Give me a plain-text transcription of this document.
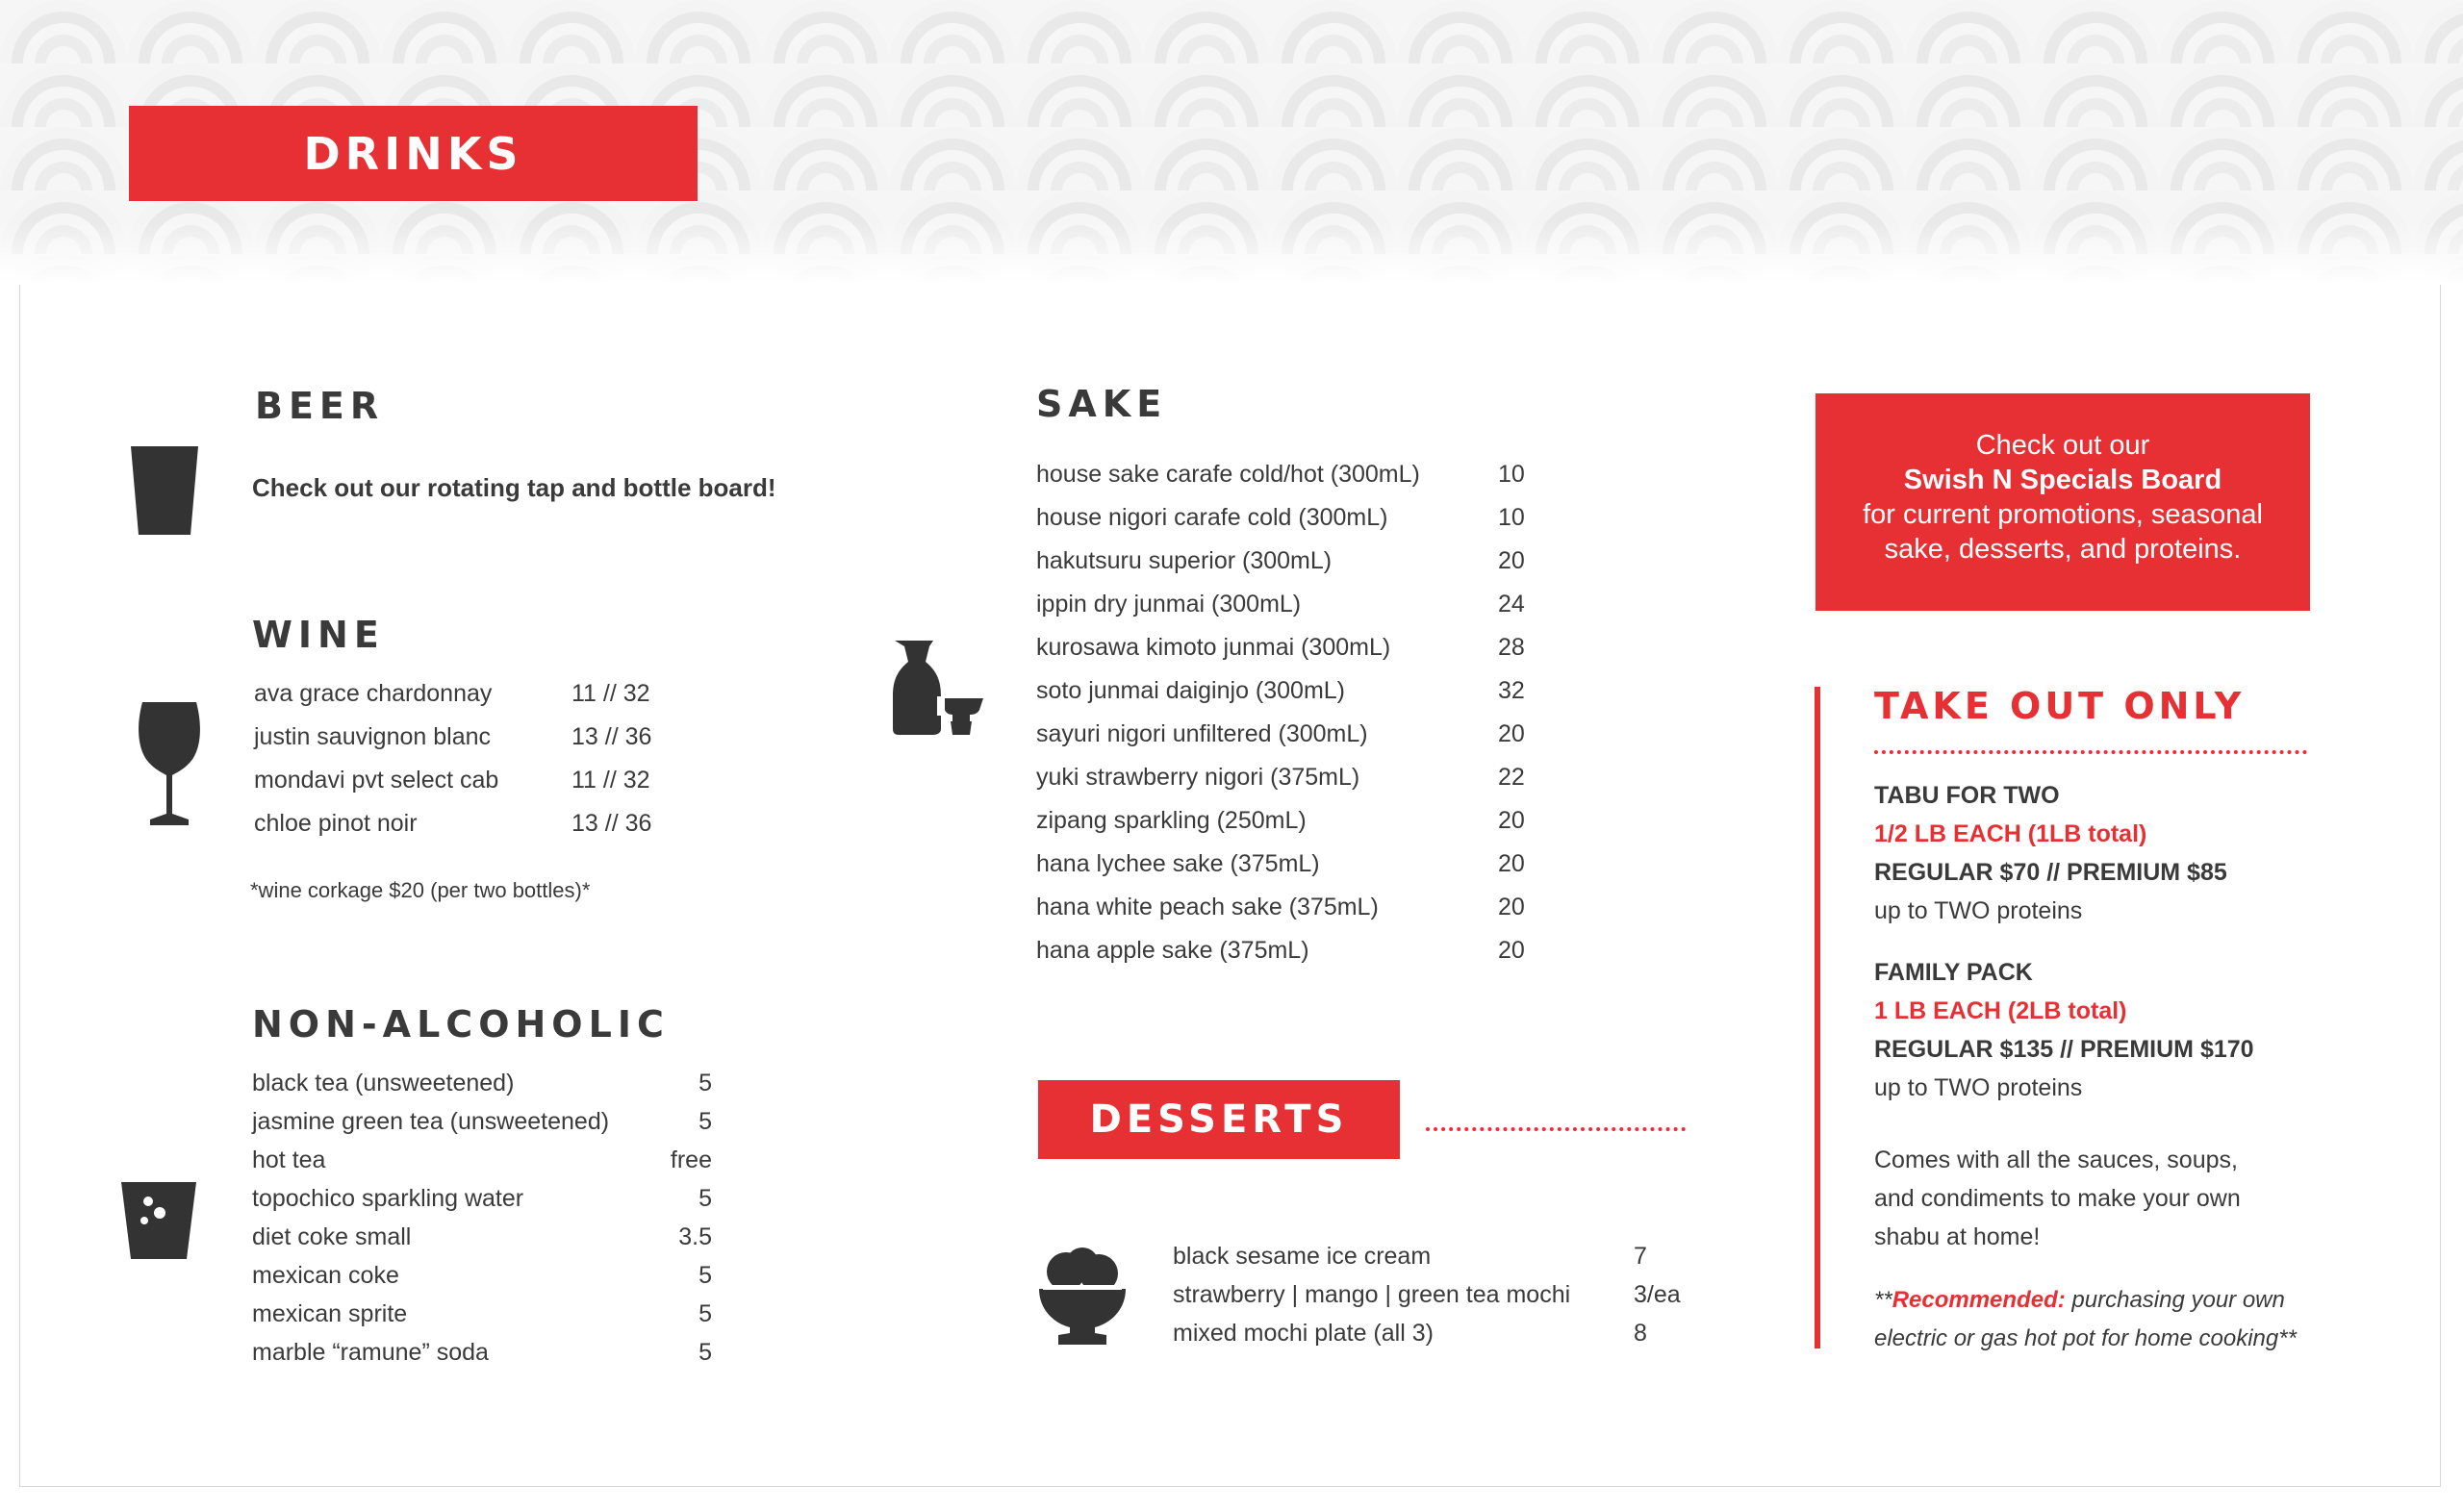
DRINKS
BEER
Check out our rotating tap and bottle board!
WINE
ava grace chardonnay	11 // 32
justin sauvignon blanc	13 // 36
mondavi pvt select cab	11 // 32
chloe pinot noir	13 // 36
*wine corkage $20 (per two bottles)*
NON-ALCOHOLIC
black tea (unsweetened)	5
jasmine green tea (unsweetened)	5
hot tea	free
topochico sparkling water	5
diet coke small	3.5
mexican coke	5
mexican sprite	5
marble “ramune” soda	5
SAKE
house sake carafe cold/hot (300mL)	10
house nigori carafe cold (300mL)	10
hakutsuru superior (300mL)	20
ippin dry junmai (300mL)	24
kurosawa kimoto junmai (300mL)	28
soto junmai daiginjo (300mL)	32
sayuri nigori unfiltered (300mL)	20
yuki strawberry nigori (375mL)	22
zipang sparkling (250mL)	20
hana lychee sake (375mL)	20
hana white peach sake (375mL)	20
hana apple sake (375mL)	20
DESSERTS
black sesame ice cream	7
strawberry | mango | green tea mochi	3/ea
mixed mochi plate (all 3)	8
Check out our
Swish N Specials Board
for current promotions, seasonal
sake, desserts, and proteins.
TAKE OUT ONLY
TABU FOR TWO
1/2 LB EACH (1LB total)
REGULAR $70 // PREMIUM $85
up to TWO proteins
FAMILY PACK
1 LB EACH (2LB total)
REGULAR $135 // PREMIUM $170
up to TWO proteins
Comes with all the sauces, soups,
and condiments to make your own
shabu at home!
**Recommended: purchasing your own
electric or gas hot pot for home cooking**
